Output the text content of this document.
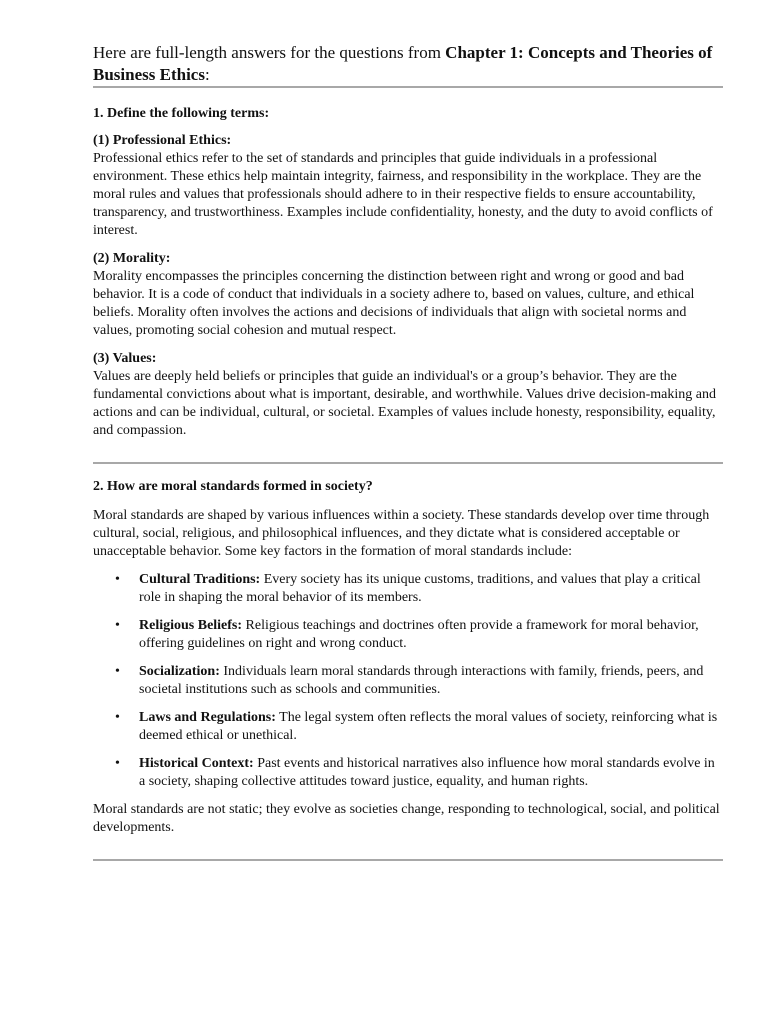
Here are full-length answers for the questions from Chapter 1: Concepts and Theories of Business Ethics:

1. Define the following terms:

(1) Professional Ethics:
Professional ethics refer to the set of standards and principles that guide individuals in a professional environment. These ethics help maintain integrity, fairness, and responsibility in the workplace. They are the moral rules and values that professionals should adhere to in their respective fields to ensure accountability, transparency, and trustworthiness. Examples include confidentiality, honesty, and the duty to avoid conflicts of interest.
(2) Morality:
Morality encompasses the principles concerning the distinction between right and wrong or good and bad behavior. It is a code of conduct that individuals in a society adhere to, based on values, culture, and ethical beliefs. Morality often involves the actions and decisions of individuals that align with societal norms and values, promoting social cohesion and mutual respect.
(3) Values:
Values are deeply held beliefs or principles that guide an individual's or a group’s behavior. They are the fundamental convictions about what is important, desirable, and worthwhile. Values drive decision-making and actions and can be individual, cultural, or societal. Examples of values include honesty, responsibility, equality, and compassion.

2. How are moral standards formed in society?

Moral standards are shaped by various influences within a society. These standards develop over time through cultural, social, religious, and philosophical influences, and they dictate what is considered acceptable or unacceptable behavior. Some key factors in the formation of moral standards include:

• Cultural Traditions: Every society has its unique customs, traditions, and values that play a critical role in shaping the moral behavior of its members.
• Religious Beliefs: Religious teachings and doctrines often provide a framework for moral behavior, offering guidelines on right and wrong conduct.
• Socialization: Individuals learn moral standards through interactions with family, friends, peers, and societal institutions such as schools and communities.
• Laws and Regulations: The legal system often reflects the moral values of society, reinforcing what is deemed ethical or unethical.
• Historical Context: Past events and historical narratives also influence how moral standards evolve in a society, shaping collective attitudes toward justice, equality, and human rights.

Moral standards are not static; they evolve as societies change, responding to technological, social, and political developments.
